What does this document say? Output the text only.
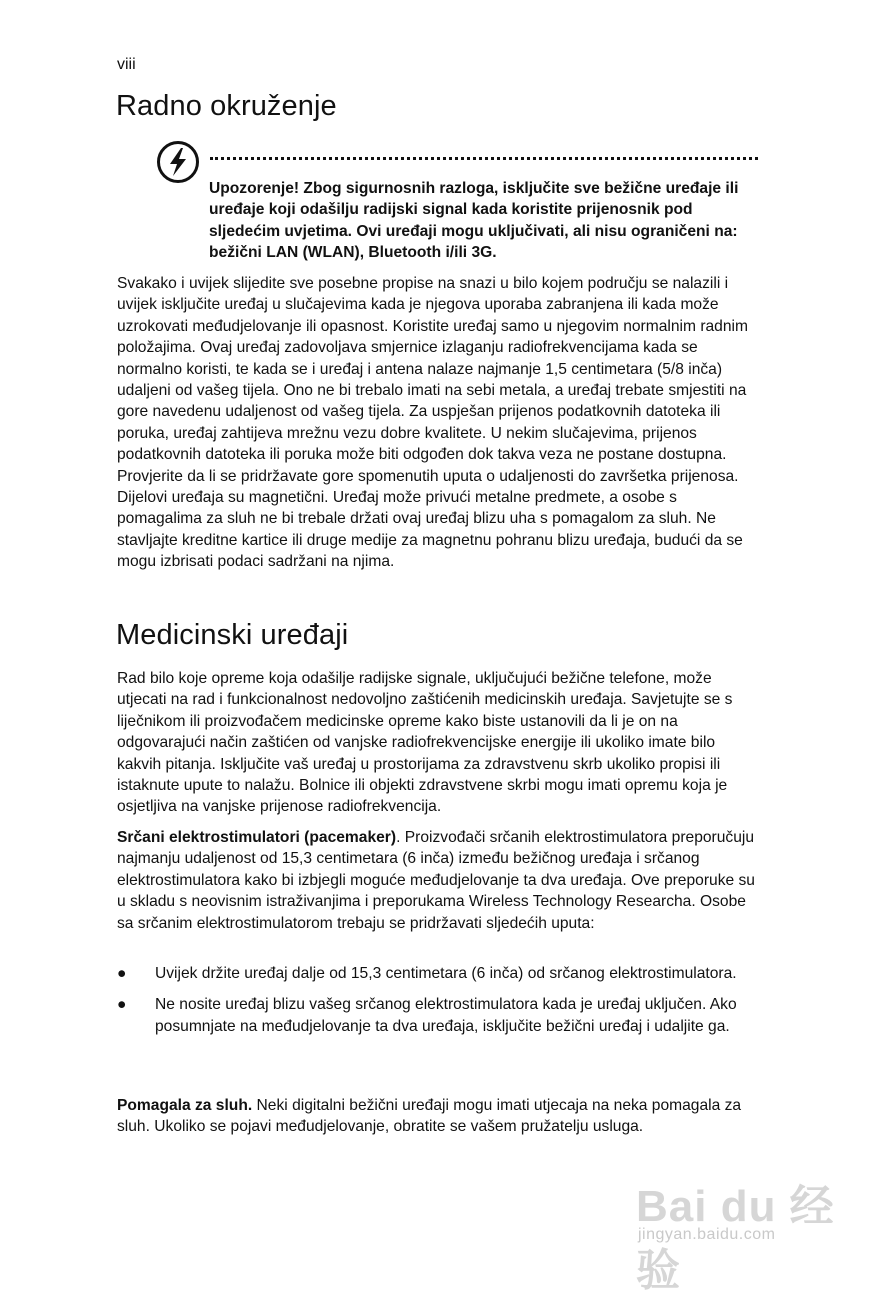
viii
Radno okruženje

Upozorenje! Zbog sigurnosnih razloga, isključite sve bežične uređaje ili uređaje koji odašilju radijski signal kada koristite prijenosnik pod sljedećim uvjetima. Ovi uređaji mogu uključivati, ali nisu ograničeni na: bežični LAN (WLAN), Bluetooth i/ili 3G.

Svakako i uvijek slijedite sve posebne propise na snazi u bilo kojem području se nalazili i uvijek isključite uređaj u slučajevima kada je njegova uporaba zabranjena ili kada može uzrokovati međudjelovanje ili opasnost. Koristite uređaj samo u njegovim normalnim radnim položajima. Ovaj uređaj zadovoljava smjernice izlaganju radiofrekvencijama kada se normalno koristi, te kada se i uređaj i antena nalaze najmanje 1,5 centimetara (5/8 inča) udaljeni od vašeg tijela. Ono ne bi trebalo imati na sebi metala, a uređaj trebate smjestiti na gore navedenu udaljenost od vašeg tijela. Za uspješan prijenos podatkovnih datoteka ili poruka, uređaj zahtijeva mrežnu vezu dobre kvalitete. U nekim slučajevima, prijenos podatkovnih datoteka ili poruka može biti odgođen dok takva veza ne postane dostupna. Provjerite da li se pridržavate gore spomenutih uputa o udaljenosti do završetka prijenosa. Dijelovi uređaja su magnetični. Uređaj može privući metalne predmete, a osobe s pomagalima za sluh ne bi trebale držati ovaj uređaj blizu uha s pomagalom za sluh. Ne stavljajte kreditne kartice ili druge medije za magnetnu pohranu blizu uređaja, budući da se mogu izbrisati podaci sadržani na njima.

Medicinski uređaji

Rad bilo koje opreme koja odašilje radijske signale, uključujući bežične telefone, može utjecati na rad i funkcionalnost nedovoljno zaštićenih medicinskih uređaja. Savjetujte se s liječnikom ili proizvođačem medicinske opreme kako biste ustanovili da li je on na odgovarajući način zaštićen od vanjske radiofrekvencijske energije ili ukoliko imate bilo kakvih pitanja. Isključite vaš uređaj u prostorijama za zdravstvenu skrb ukoliko propisi ili istaknute upute to nalažu. Bolnice ili objekti zdravstvene skrbi mogu imati opremu koja je osjetljiva na vanjske prijenose radiofrekvencija.

Srčani elektrostimulatori (pacemaker). Proizvođači srčanih elektrostimulatora preporučuju najmanju udaljenost od 15,3 centimetara (6 inča) između bežičnog uređaja i srčanog elektrostimulatora kako bi izbjegli moguće međudjelovanje ta dva uređaja. Ove preporuke su u skladu s neovisnim istraživanjima i preporukama Wireless Technology Researcha. Osobe sa srčanim elektrostimulatorom trebaju se pridržavati sljedećih uputa:

● Uvijek držite uređaj dalje od 15,3 centimetara (6 inča) od srčanog elektrostimulatora.
● Ne nosite uređaj blizu vašeg srčanog elektrostimulatora kada je uređaj uključen. Ako posumnjate na međudjelovanje ta dva uređaja, isključite bežični uređaj i udaljite ga.

Pomagala za sluh. Neki digitalni bežični uređaji mogu imati utjecaja na neka pomagala za sluh. Ukoliko se pojavi međudjelovanje, obratite se vašem pružatelju usluga.

Bai du 经验
jingyan.baidu.com
